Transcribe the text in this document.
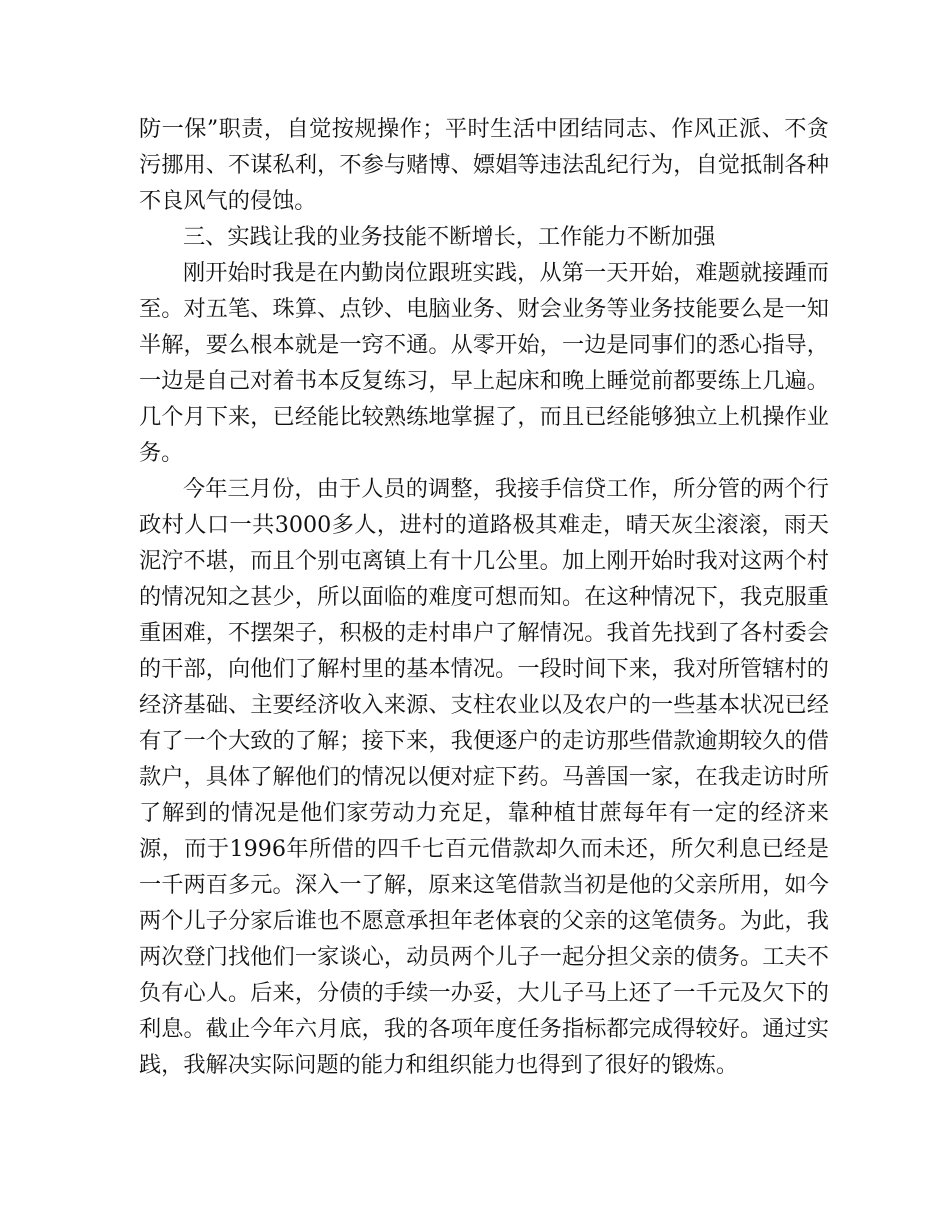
防一保”职责，自觉按规操作；平时生活中团结同志、作风正派、不贪污挪用、不谋私利，不参与赌博、嫖娼等违法乱纪行为，自觉抵制各种不良风气的侵蚀。

三、实践让我的业务技能不断增长，工作能力不断加强

刚开始时我是在内勤岗位跟班实践，从第一天开始，难题就接踵而至。对五笔、珠算、点钞、电脑业务、财会业务等业务技能要么是一知半解，要么根本就是一窍不通。从零开始，一边是同事们的悉心指导，一边是自己对着书本反复练习，早上起床和晚上睡觉前都要练上几遍。几个月下来，已经能比较熟练地掌握了，而且已经能够独立上机操作业务。

今年三月份，由于人员的调整，我接手信贷工作，所分管的两个行政村人口一共3000多人，进村的道路极其难走，晴天灰尘滚滚，雨天泥泞不堪，而且个别屯离镇上有十几公里。加上刚开始时我对这两个村的情况知之甚少，所以面临的难度可想而知。在这种情况下，我克服重重困难，不摆架子，积极的走村串户了解情况。我首先找到了各村委会的干部，向他们了解村里的基本情况。一段时间下来，我对所管辖村的经济基础、主要经济收入来源、支柱农业以及农户的一些基本状况已经有了一个大致的了解；接下来，我便逐户的走访那些借款逾期较久的借款户，具体了解他们的情况以便对症下药。马善国一家，在我走访时所了解到的情况是他们家劳动力充足，靠种植甘蔗每年有一定的经济来源，而于1996年所借的四千七百元借款却久而未还，所欠利息已经是一千两百多元。深入一了解，原来这笔借款当初是他的父亲所用，如今两个儿子分家后谁也不愿意承担年老体衰的父亲的这笔债务。为此，我两次登门找他们一家谈心，动员两个儿子一起分担父亲的债务。工夫不负有心人。后来，分债的手续一办妥，大儿子马上还了一千元及欠下的利息。截止今年六月底，我的各项年度任务指标都完成得较好。通过实践，我解决实际问题的能力和组织能力也得到了很好的锻炼。
